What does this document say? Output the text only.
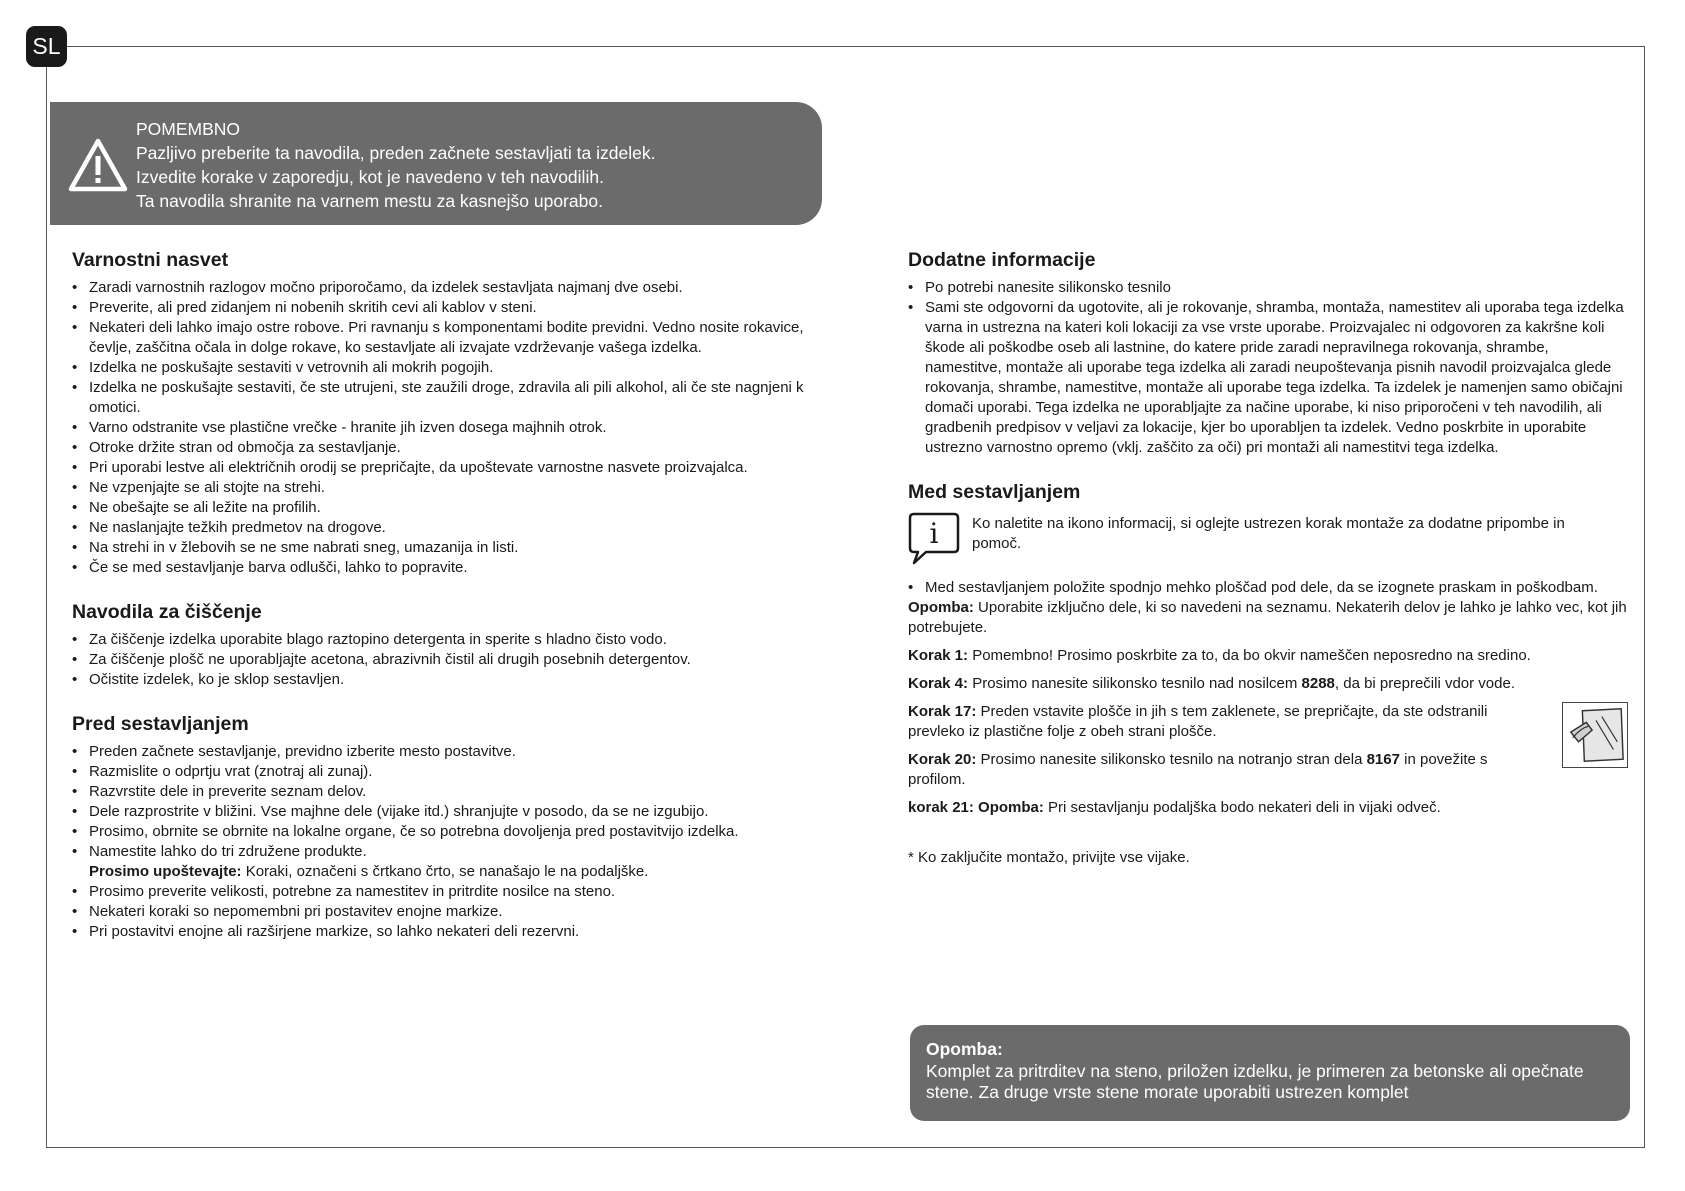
SL
POMEMBNO
Pazljivo preberite ta navodila, preden začnete sestavljati ta izdelek.
Izvedite korake v zaporedju, kot je navedeno v teh navodilih.
Ta navodila shranite na varnem mestu za kasnejšo uporabo.
Varnostni nasvet
• Zaradi varnostnih razlogov močno priporočamo, da izdelek sestavljata najmanj dve osebi.
• Preverite, ali pred zidanjem ni nobenih skritih cevi ali kablov v steni.
• Nekateri deli lahko imajo ostre robove. Pri ravnanju s komponentami bodite previdni. Vedno nosite rokavice, čevlje, zaščitna očala in dolge rokave, ko sestavljate ali izvajate vzdrževanje vašega izdelka.
• Izdelka ne poskušajte sestaviti v vetrovnih ali mokrih pogojih.
• Izdelka ne poskušajte sestaviti, če ste utrujeni, ste zaužili droge, zdravila ali pili alkohol, ali če ste nagnjeni k omotici.
• Varno odstranite vse plastične vrečke - hranite jih izven dosega majhnih otrok.
• Otroke držite stran od območja za sestavljanje.
• Pri uporabi lestve ali električnih orodij se prepričajte, da upoštevate varnostne nasvete proizvajalca.
• Ne vzpenjajte se ali stojte na strehi.
• Ne obešajte se ali ležite na profilih.
• Ne naslanjajte težkih predmetov na drogove.
• Na strehi in v žlebovih se ne sme nabrati sneg, umazanija in listi.
• Če se med sestavljanje barva odlušči, lahko to popravite.
Navodila za čiščenje
• Za čiščenje izdelka uporabite blago raztopino detergenta in sperite s hladno čisto vodo.
• Za čiščenje plošč ne uporabljajte acetona, abrazivnih čistil ali drugih posebnih detergentov.
• Očistite izdelek, ko je sklop sestavljen.
Pred sestavljanjem
• Preden začnete sestavljanje, previdno izberite mesto postavitve.
• Razmislite o odprtju vrat (znotraj ali zunaj).
• Razvrstite dele in preverite seznam delov.
• Dele razprostrite v bližini. Vse majhne dele (vijake itd.) shranjujte v posodo, da se ne izgubijo.
• Prosimo, obrnite se obrnite na lokalne organe, če so potrebna dovoljenja pred postavitvijo izdelka.
• Namestite lahko do tri združene produkte.
Prosimo upoštevajte: Koraki, označeni s črtkano črto, se nanašajo le na podaljške.
• Prosimo preverite velikosti, potrebne za namestitev in pritrdite nosilce na steno.
• Nekateri koraki so nepomembni pri postavitev enojne markize.
• Pri postavitvi enojne ali razširjene markize, so lahko nekateri deli rezervni.
Dodatne informacije
• Po potrebi nanesite silikonsko tesnilo
• Sami ste odgovorni da ugotovite, ali je rokovanje, shramba, montaža, namestitev ali uporaba tega izdelka varna in ustrezna na kateri koli lokaciji za vse vrste uporabe. Proizvajalec ni odgovoren za kakršne koli škode ali poškodbe oseb ali lastnine, do katere pride zaradi nepravilnega rokovanja, shrambe, namestitve, montaže ali uporabe tega izdelka ali zaradi neupoštevanja pisnih navodil proizvajalca glede rokovanja, shrambe, namestitve, montaže ali uporabe tega izdelka. Ta izdelek je namenjen samo običajni domači uporabi. Tega izdelka ne uporabljajte za načine uporabe, ki niso priporočeni v teh navodilih, ali gradbenih predpisov v veljavi za lokacije, kjer bo uporabljen ta izdelek. Vedno poskrbite in uporabite ustrezno varnostno opremo (vklj. zaščito za oči) pri montaži ali namestitvi tega izdelka.
Med sestavljanjem
i Ko naletite na ikono informacij, si oglejte ustrezen korak montaže za dodatne pripombe in pomoč.
• Med sestavljanjem položite spodnjo mehko ploščad pod dele, da se izognete praskam in poškodbam.

Opomba: Uporabite izključno dele, ki so navedeni na seznamu. Nekaterih delov je lahko je lahko vec, kot jih potrebujete.

Korak 1: Pomembno! Prosimo poskrbite za to, da bo okvir nameščen neposredno na sredino.

Korak 4: Prosimo nanesite silikonsko tesnilo nad nosilcem 8288, da bi preprečili vdor vode.

Korak 17: Preden vstavite plošče in jih s tem zaklenete, se prepričajte, da ste odstranili prevleko iz plastične folje z obeh strani plošče.

Korak 20: Prosimo nanesite silikonsko tesnilo na notranjo stran dela 8167 in povežite s profilom.

korak 21: Opomba: Pri sestavljanju podaljška bodo nekateri deli in vijaki odveč.

* Ko zaključite montažo, privijte vse vijake.

Opomba:
Komplet za pritrditev na steno, priložen izdelku, je primeren za betonske ali opečnate stene. Za druge vrste stene morate uporabiti ustrezen komplet
